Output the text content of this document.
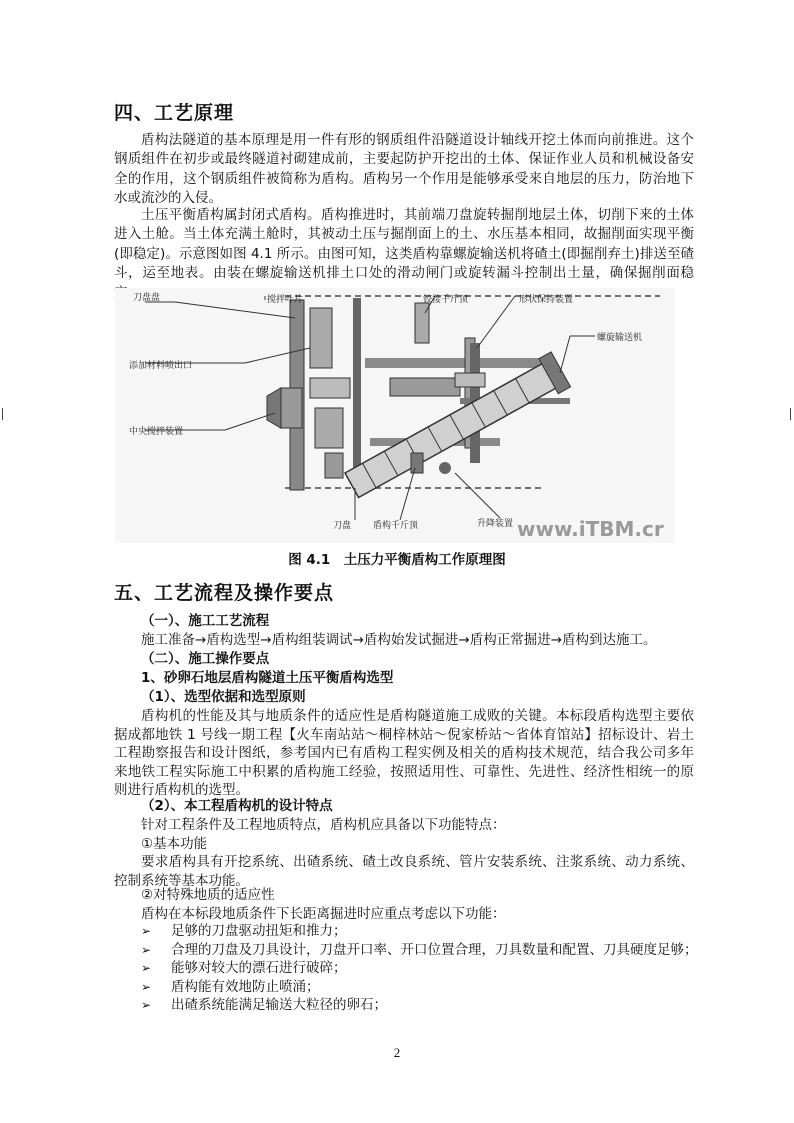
四、工艺原理

盾构法隧道的基本原理是用一件有形的钢质组件沿隧道设计轴线开挖土体而向前推进。这个钢质组件在初步或最终隧道衬砌建成前，主要起防护开挖出的土体、保证作业人员和机械设备安全的作用，这个钢质组件被简称为盾构。盾构另一个作用是能够承受来自地层的压力，防治地下水或流沙的入侵。

土压平衡盾构属封闭式盾构。盾构推进时，其前端刀盘旋转掘削地层土体，切削下来的土体进入土舱。当土体充满土舱时，其被动土压与掘削面上的土、水压基本相同，故掘削面实现平衡(即稳定)。示意图如图 4.1 所示。由图可知，这类盾构靠螺旋输送机将碴土(即掘削弃土)排送至碴斗，运至地表。由装在螺旋输送机排土口处的滑动闸门或旋转漏斗控制出土量，确保掘削面稳

刀盘盘	搅拌叶片	铰接千斤顶	形状保持装置
螺旋输送机
添加材料喷出口
中央搅拌装置
刀盘 盾构千斤顶	升降装置 www.iTBM.cr
图 4.1　土压力平衡盾构工作原理图
五、工艺流程及操作要点

（一）、施工工艺流程

施工准备→盾构选型→盾构组装调试→盾构始发试掘进→盾构正常掘进→盾构到达施工。

（二）、施工操作要点

1、砂卵石地层盾构隧道土压平衡盾构选型

（1）、选型依据和选型原则

盾构机的性能及其与地质条件的适应性是盾构隧道施工成败的关键。本标段盾构选型主要依据成都地铁 1 号线一期工程【火车南站站～桐梓林站～倪家桥站～省体育馆站】招标设计、岩土工程勘察报告和设计图纸，参考国内已有盾构工程实例及相关的盾构技术规范，结合我公司多年来地铁工程实际施工中积累的盾构施工经验，按照适用性、可靠性、先进性、经济性相统一的原则进行盾构机的选型。

（2）、本工程盾构机的设计特点

针对工程条件及工程地质特点，盾构机应具备以下功能特点：

①基本功能

要求盾构具有开挖系统、出碴系统、碴土改良系统、管片安装系统、注浆系统、动力系统、控制系统等基本功能。

②对特殊地质的适应性

盾构在本标段地质条件下长距离掘进时应重点考虑以下功能：

➢	足够的刀盘驱动扭矩和推力；
➢	合理的刀盘及刀具设计，刀盘开口率、开口位置合理，刀具数量和配置、刀具硬度足够；
➢	能够对较大的漂石进行破碎；
➢	盾构能有效地防止喷涌；
➢	出碴系统能满足输送大粒径的卵石；
2
